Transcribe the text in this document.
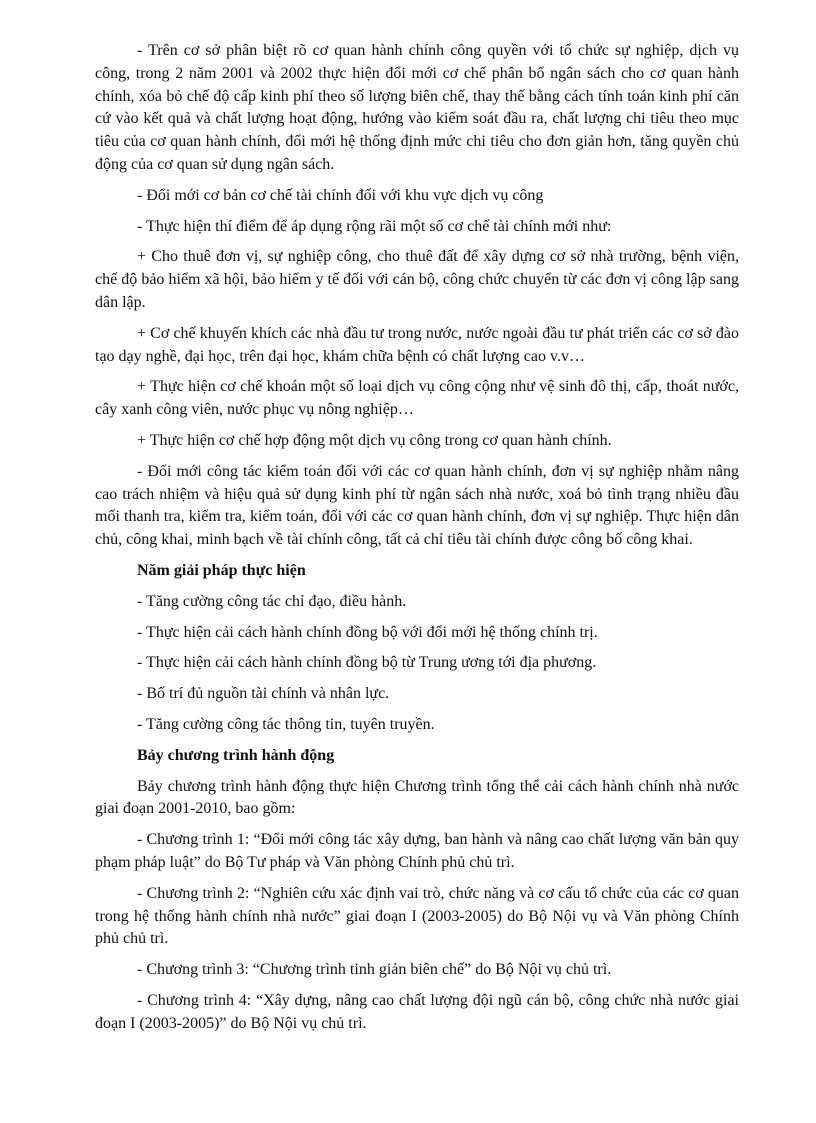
- Trên cơ sở phân biệt rõ cơ quan hành chính công quyền với tổ chức sự nghiệp, dịch vụ công, trong 2 năm 2001 và 2002 thực hiện đổi mới cơ chế phân bổ ngân sách cho cơ quan hành chính, xóa bỏ chế độ cấp kinh phí theo số lượng biên chế, thay thế bằng cách tính toán kinh phí căn cứ vào kết quả và chất lượng hoạt động, hướng vào kiểm soát đầu ra, chất lượng chi tiêu theo mục tiêu của cơ quan hành chính, đổi mới hệ thống định mức chi tiêu cho đơn giản hơn, tăng quyền chủ động của cơ quan sử dụng ngân sách.

- Đổi mới cơ bản cơ chế tài chính đối với khu vực dịch vụ công

- Thực hiện thí điểm để áp dụng rộng rãi một số cơ chế tài chính mới như:

+ Cho thuê đơn vị, sự nghiệp công, cho thuê đất để xây dựng cơ sở nhà trường, bệnh viện, chế độ bảo hiểm xã hội, bảo hiểm y tế đối với cán bộ, công chức chuyển từ các đơn vị công lập sang dân lập.

+ Cơ chế khuyến khích các nhà đầu tư trong nước, nước ngoài đầu tư phát triển các cơ sở đào tạo dạy nghề, đại học, trên đại học, khám chữa bệnh có chất lượng cao v.v…

+ Thực hiện cơ chế khoán một số loại dịch vụ công cộng như vệ sinh đô thị, cấp, thoát nước, cây xanh công viên, nước phục vụ nông nghiệp…

+ Thực hiện cơ chế hợp động một dịch vụ công trong cơ quan hành chính.

- Đổi mới công tác kiểm toán đối với các cơ quan hành chính, đơn vị sự nghiệp nhằm nâng cao trách nhiệm và hiệu quả sử dụng kinh phí từ ngân sách nhà nước, xoá bỏ tình trạng nhiều đầu mối thanh tra, kiểm tra, kiểm toán, đối với các cơ quan hành chính, đơn vị sự nghiệp. Thực hiện dân chủ, công khai, minh bạch về tài chính công, tất cả chỉ tiêu tài chính được công bố công khai.

Năm giải pháp thực hiện

- Tăng cường công tác chỉ đạo, điều hành.

- Thực hiện cải cách hành chính đồng bộ với đổi mới hệ thống chính trị.

- Thực hiện cải cách hành chính đồng bộ từ Trung ương tới địa phương.

- Bố trí đủ nguồn tài chính và nhân lực.

- Tăng cường công tác thông tin, tuyên truyền.

Bảy chương trình hành động

Bảy chương trình hành động thực hiện Chương trình tổng thể cải cách hành chính nhà nước giai đoạn 2001-2010, bao gồm:

- Chương trình 1: “Đổi mới công tác xây dựng, ban hành và nâng cao chất lượng văn bản quy phạm pháp luật” do Bộ Tư pháp và Văn phòng Chính phủ chủ trì.

- Chương trình 2: “Nghiên cứu xác định vai trò, chức năng và cơ cấu tổ chức của các cơ quan trong hệ thống hành chính nhà nước” giai đoạn I (2003-2005) do Bộ Nội vụ và Văn phòng Chính phủ chủ trì.

- Chương trình 3: “Chương trình tinh giản biên chế” do Bộ Nội vụ chủ trì.

- Chương trình 4: “Xây dựng, nâng cao chất lượng đội ngũ cán bộ, công chức nhà nước giai đoạn I (2003-2005)” do Bộ Nội vụ chủ trì.
